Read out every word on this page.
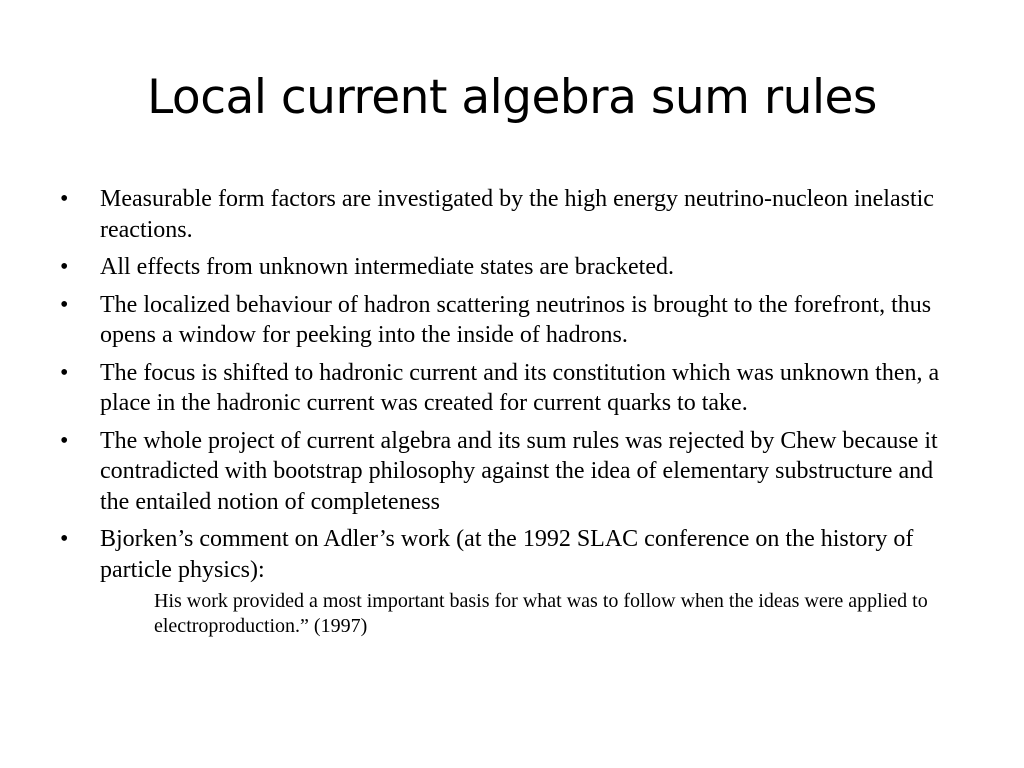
Local current algebra sum rules
•	Measurable form factors are investigated by the high energy neutrino-nucleon inelastic reactions.
•	All effects from unknown intermediate states are bracketed.
•	The localized behaviour of hadron scattering neutrinos is brought to the forefront, thus opens a window for peeking into the inside of hadrons.
•	The focus is shifted to hadronic current and its constitution which was unknown then, a place in the hadronic current was created for current quarks to take.
•	The whole project of current algebra and its sum rules was rejected by Chew because it contradicted with bootstrap philosophy against the idea of elementary substructure and the entailed notion of completeness
•	Bjorken’s comment on Adler’s work (at the 1992 SLAC conference on the history of particle physics):
His work provided a most important basis for what was to follow when the ideas were applied to electroproduction.” (1997)
